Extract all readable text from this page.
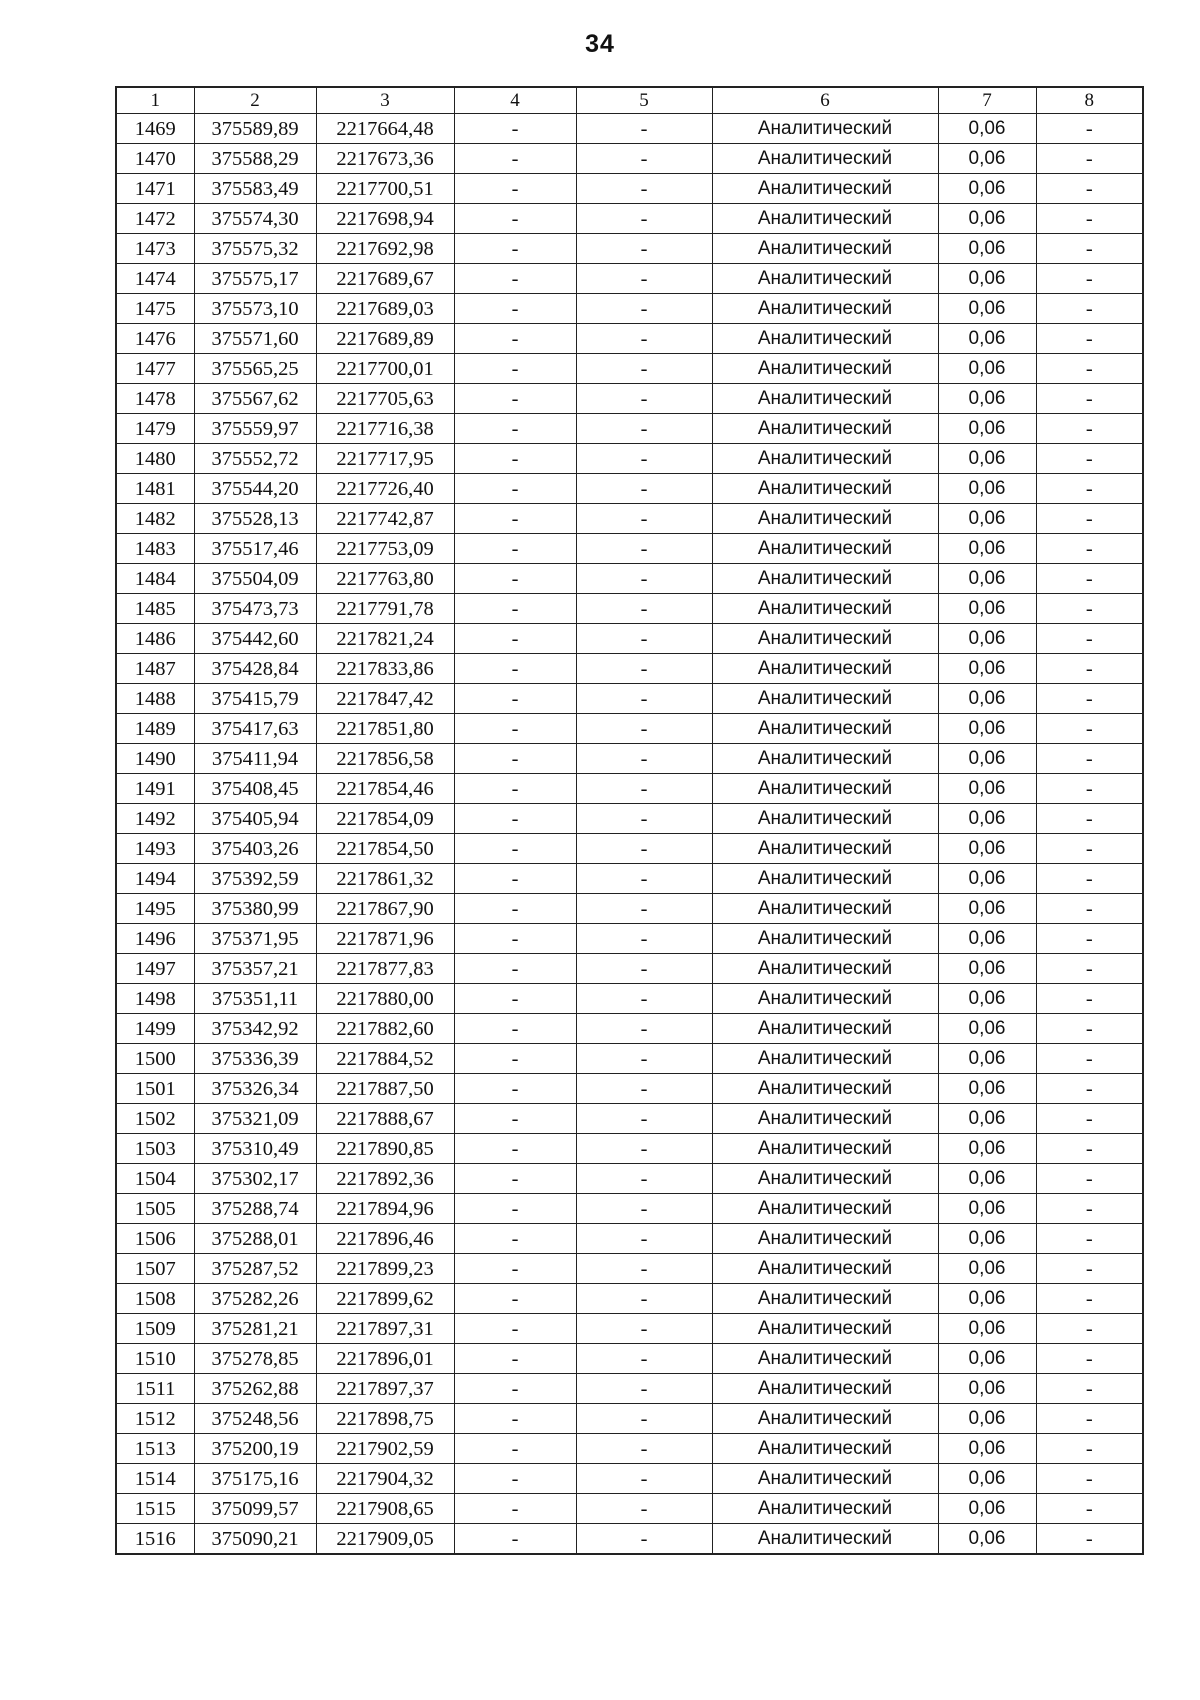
34
1	2	3	4	5	6	7	8
1469	375589,89	2217664,48	-	-	Аналитический	0,06	-
1470	375588,29	2217673,36	-	-	Аналитический	0,06	-
1471	375583,49	2217700,51	-	-	Аналитический	0,06	-
1472	375574,30	2217698,94	-	-	Аналитический	0,06	-
1473	375575,32	2217692,98	-	-	Аналитический	0,06	-
1474	375575,17	2217689,67	-	-	Аналитический	0,06	-
1475	375573,10	2217689,03	-	-	Аналитический	0,06	-
1476	375571,60	2217689,89	-	-	Аналитический	0,06	-
1477	375565,25	2217700,01	-	-	Аналитический	0,06	-
1478	375567,62	2217705,63	-	-	Аналитический	0,06	-
1479	375559,97	2217716,38	-	-	Аналитический	0,06	-
1480	375552,72	2217717,95	-	-	Аналитический	0,06	-
1481	375544,20	2217726,40	-	-	Аналитический	0,06	-
1482	375528,13	2217742,87	-	-	Аналитический	0,06	-
1483	375517,46	2217753,09	-	-	Аналитический	0,06	-
1484	375504,09	2217763,80	-	-	Аналитический	0,06	-
1485	375473,73	2217791,78	-	-	Аналитический	0,06	-
1486	375442,60	2217821,24	-	-	Аналитический	0,06	-
1487	375428,84	2217833,86	-	-	Аналитический	0,06	-
1488	375415,79	2217847,42	-	-	Аналитический	0,06	-
1489	375417,63	2217851,80	-	-	Аналитический	0,06	-
1490	375411,94	2217856,58	-	-	Аналитический	0,06	-
1491	375408,45	2217854,46	-	-	Аналитический	0,06	-
1492	375405,94	2217854,09	-	-	Аналитический	0,06	-
1493	375403,26	2217854,50	-	-	Аналитический	0,06	-
1494	375392,59	2217861,32	-	-	Аналитический	0,06	-
1495	375380,99	2217867,90	-	-	Аналитический	0,06	-
1496	375371,95	2217871,96	-	-	Аналитический	0,06	-
1497	375357,21	2217877,83	-	-	Аналитический	0,06	-
1498	375351,11	2217880,00	-	-	Аналитический	0,06	-
1499	375342,92	2217882,60	-	-	Аналитический	0,06	-
1500	375336,39	2217884,52	-	-	Аналитический	0,06	-
1501	375326,34	2217887,50	-	-	Аналитический	0,06	-
1502	375321,09	2217888,67	-	-	Аналитический	0,06	-
1503	375310,49	2217890,85	-	-	Аналитический	0,06	-
1504	375302,17	2217892,36	-	-	Аналитический	0,06	-
1505	375288,74	2217894,96	-	-	Аналитический	0,06	-
1506	375288,01	2217896,46	-	-	Аналитический	0,06	-
1507	375287,52	2217899,23	-	-	Аналитический	0,06	-
1508	375282,26	2217899,62	-	-	Аналитический	0,06	-
1509	375281,21	2217897,31	-	-	Аналитический	0,06	-
1510	375278,85	2217896,01	-	-	Аналитический	0,06	-
1511	375262,88	2217897,37	-	-	Аналитический	0,06	-
1512	375248,56	2217898,75	-	-	Аналитический	0,06	-
1513	375200,19	2217902,59	-	-	Аналитический	0,06	-
1514	375175,16	2217904,32	-	-	Аналитический	0,06	-
1515	375099,57	2217908,65	-	-	Аналитический	0,06	-
1516	375090,21	2217909,05	-	-	Аналитический	0,06	-
